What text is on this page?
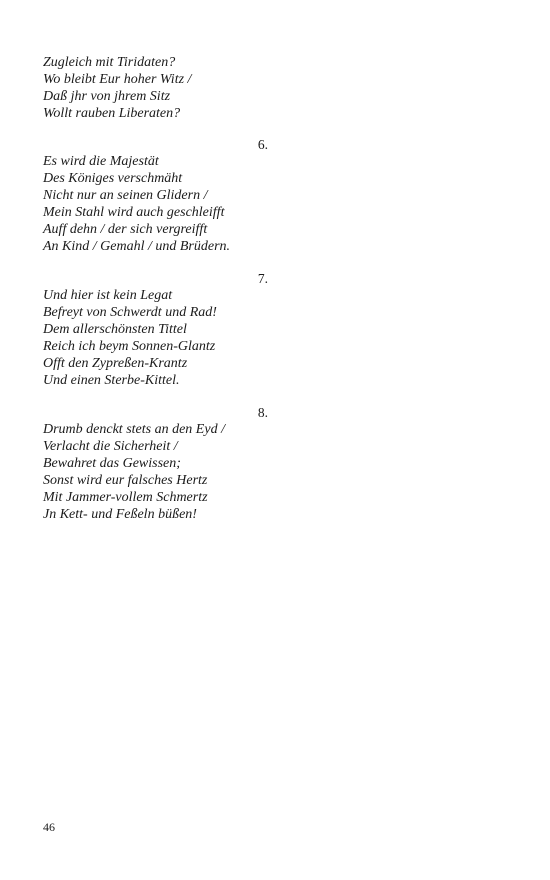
Zugleich mit Tiridaten?
Wo bleibt Eur hoher Witz /
Daß jhr von jhrem Sitz
Wollt rauben Liberaten?
6.
Es wird die Majestät
Des Königes verschmäht
Nicht nur an seinen Glidern /
Mein Stahl wird auch geschleifft
Auff dehn / der sich vergreifft
An Kind / Gemahl / und Brüdern.
7.
Und hier ist kein Legat
Befreyt von Schwerdt und Rad!
Dem allerschönsten Tittel
Reich ich beym Sonnen-Glantz
Offt den Zypreßen-Krantz
Und einen Sterbe-Kittel.
8.
Drumb denckt stets an den Eyd /
Verlacht die Sicherheit /
Bewahret das Gewissen;
Sonst wird eur falsches Hertz
Mit Jammer-vollem Schmertz
Jn Kett- und Feßeln büßen!
46
